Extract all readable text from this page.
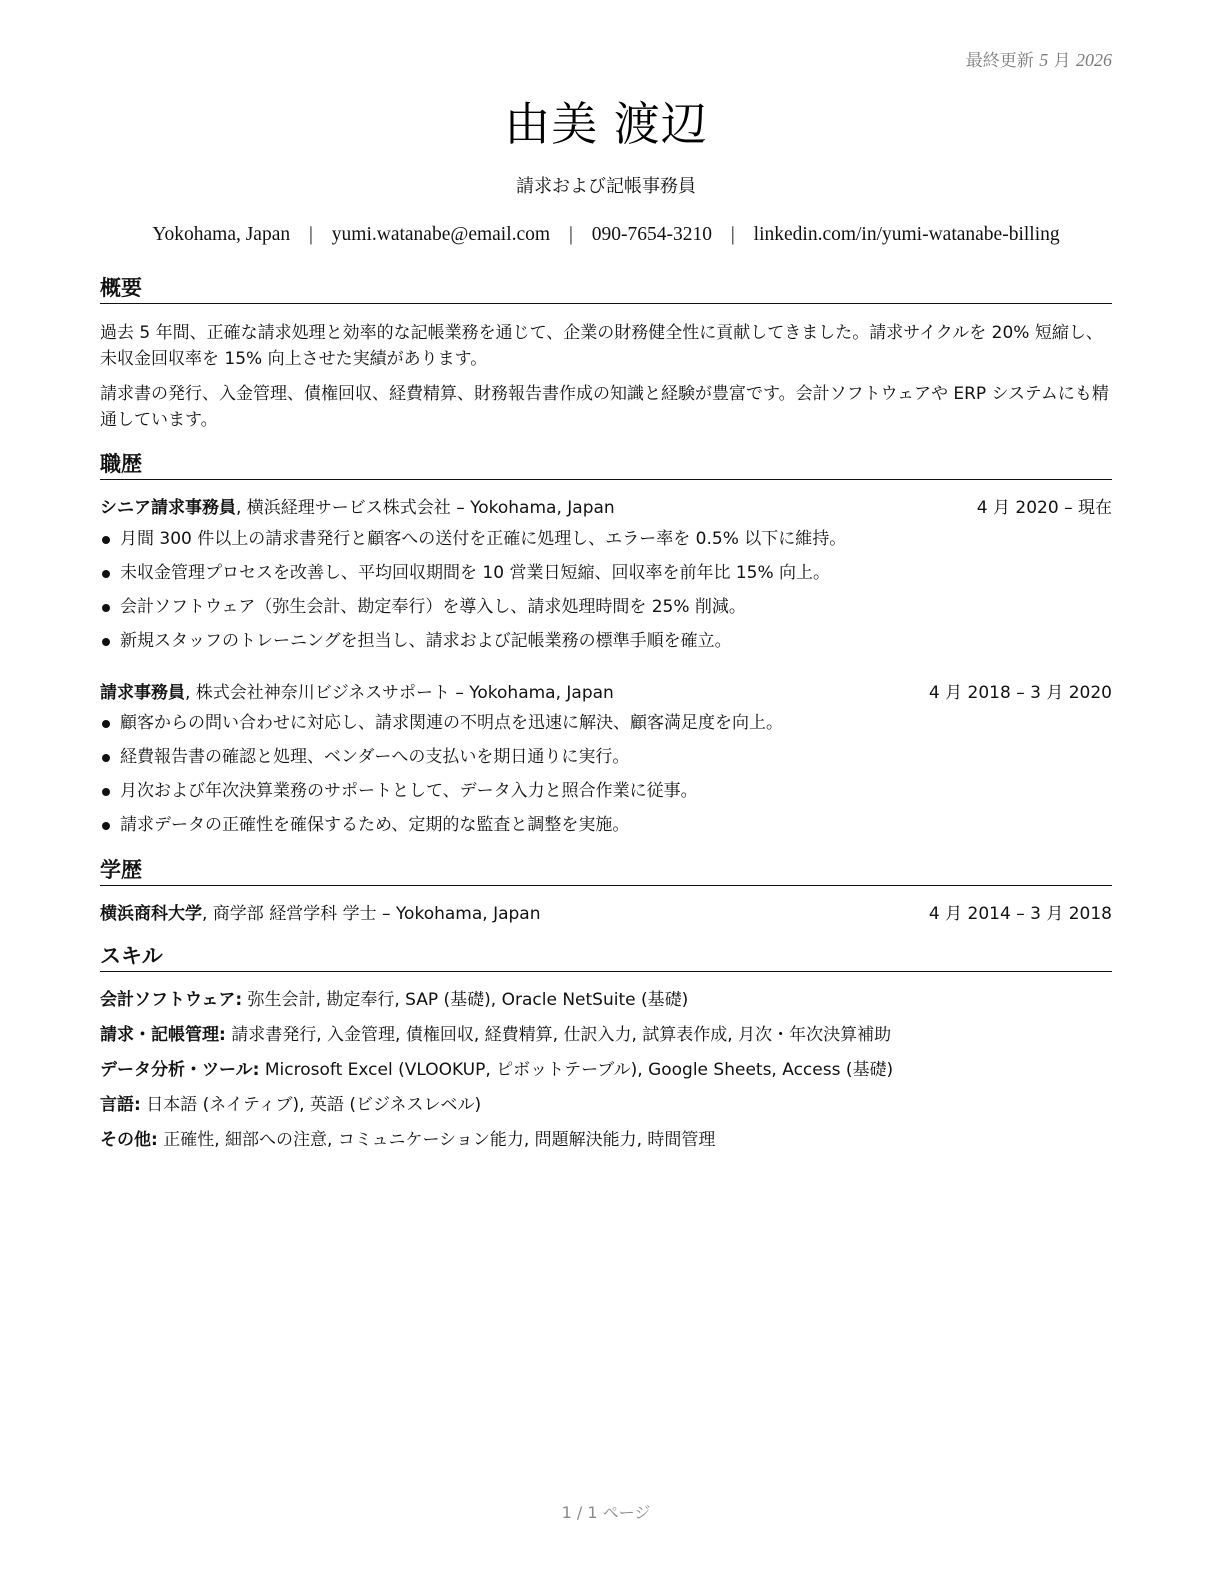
最終更新 5 月 2026
由美 渡辺
請求および記帳事務員
Yokohama, Japan | yumi.watanabe@email.com | 090-7654-3210 | linkedin.com/in/yumi-watanabe-billing
概要
過去 5 年間、正確な請求処理と効率的な記帳業務を通じて、企業の財務健全性に貢献してきました。請求サイクルを 20% 短縮し、未収金回収率を 15% 向上させた実績があります。
請求書の発行、入金管理、債権回収、経費精算、財務報告書作成の知識と経験が豊富です。会計ソフトウェアや ERP システムにも精通しています。
職歴
シニア請求事務員, 横浜経理サービス株式会社 – Yokohama, Japan	4 月 2020 – 現在
月間 300 件以上の請求書発行と顧客への送付を正確に処理し、エラー率を 0.5% 以下に維持。
未収金管理プロセスを改善し、平均回収期間を 10 営業日短縮、回収率を前年比 15% 向上。
会計ソフトウェア（弥生会計、勘定奉行）を導入し、請求処理時間を 25% 削減。
新規スタッフのトレーニングを担当し、請求および記帳業務の標準手順を確立。
請求事務員, 株式会社神奈川ビジネスサポート – Yokohama, Japan	4 月 2018 – 3 月 2020
顧客からの問い合わせに対応し、請求関連の不明点を迅速に解決、顧客満足度を向上。
経費報告書の確認と処理、ベンダーへの支払いを期日通りに実行。
月次および年次決算業務のサポートとして、データ入力と照合作業に従事。
請求データの正確性を確保するため、定期的な監査と調整を実施。
学歴
横浜商科大学, 商学部 経営学科 学士 – Yokohama, Japan	4 月 2014 – 3 月 2018
スキル
会計ソフトウェア: 弥生会計, 勘定奉行, SAP (基礎), Oracle NetSuite (基礎)
請求・記帳管理: 請求書発行, 入金管理, 債権回収, 経費精算, 仕訳入力, 試算表作成, 月次・年次決算補助
データ分析・ツール: Microsoft Excel (VLOOKUP, ピボットテーブル), Google Sheets, Access (基礎)
言語: 日本語 (ネイティブ), 英語 (ビジネスレベル)
その他: 正確性, 細部への注意, コミュニケーション能力, 問題解決能力, 時間管理
1 / 1 ページ
